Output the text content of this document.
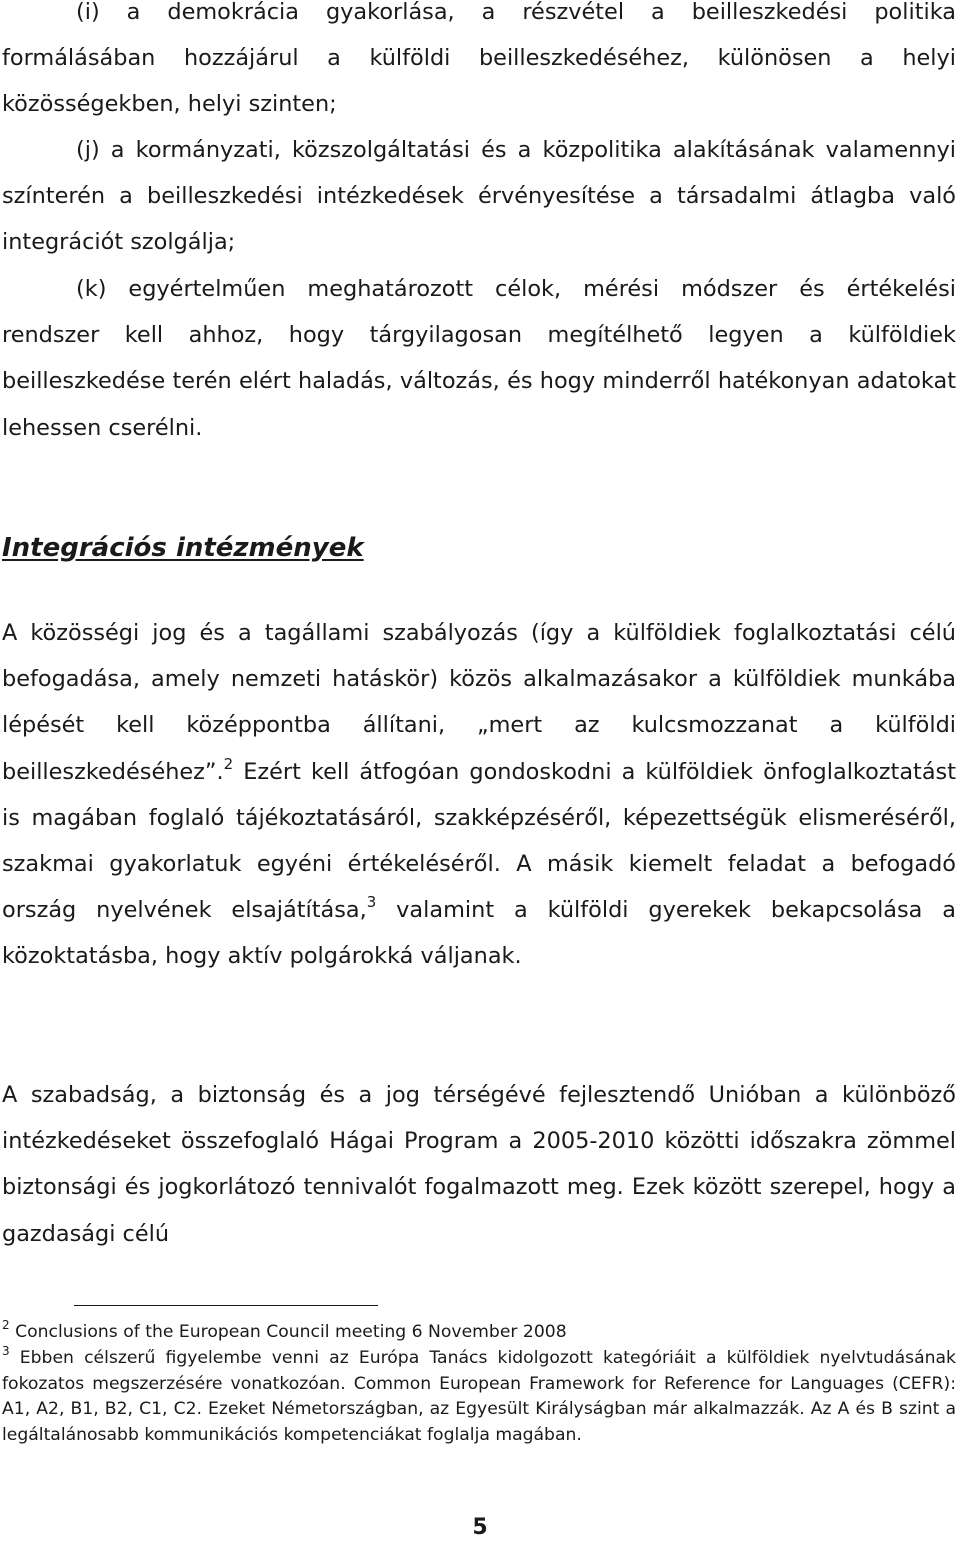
(i) a demokrácia gyakorlása, a részvétel a beilleszkedési politika formálásában hozzájárul a külföldi beilleszkedéséhez, különösen a helyi közösségekben, helyi szinten;

(j) a kormányzati, közszolgáltatási és a közpolitika alakításának valamennyi színterén a beilleszkedési intézkedések érvényesítése a társadalmi átlagba való integrációt szolgálja;

(k) egyértelműen meghatározott célok, mérési módszer és értékelési rendszer kell ahhoz, hogy tárgyilagosan megítélhető legyen a külföldiek beilleszkedése terén elért haladás, változás, és hogy minderről hatékonyan adatokat lehessen cserélni.

Integrációs intézmények

A közösségi jog és a tagállami szabályozás (így a külföldiek foglalkoztatási célú befogadása, amely nemzeti hatáskör) közös alkalmazásakor a külföldiek munkába lépését kell középpontba állítani, „mert az kulcsmozzanat a külföldi beilleszkedéséhez”.$^2$ Ezért kell átfogóan gondoskodni a külföldiek önfoglalkoztatást is magában foglaló tájékoztatásáról, szakképzéséről, képezettségük elismeréséről, szakmai gyakorlatuk egyéni értékeléséről. A másik kiemelt feladat a befogadó ország nyelvének elsajátítása,$^3$ valamint a külföldi gyerekek bekapcsolása a közoktatásba, hogy aktív polgárokká váljanak.

A szabadság, a biztonság és a jog térségévé fejlesztendő Unióban a különböző intézkedéseket összefoglaló Hágai Program a 2005-2010 közötti időszakra zömmel biztonsági és jogkorlátozó tennivalót fogalmazott meg. Ezek között szerepel, hogy a gazdasági célú

$^2$ Conclusions of the European Council meeting 6 November 2008

$^3$ Ebben célszerű figyelembe venni az Európa Tanács kidolgozott kategóriáit a külföldiek nyelvtudásának fokozatos megszerzésére vonatkozóan. Common European Framework for Reference for Languages (CEFR): A1, A2, B1, B2, C1, C2. Ezeket Németországban, az Egyesült Királyságban már alkalmazzák. Az A és B szint a legáltalánosabb kommunikációs kompetenciákat foglalja magában.

5
